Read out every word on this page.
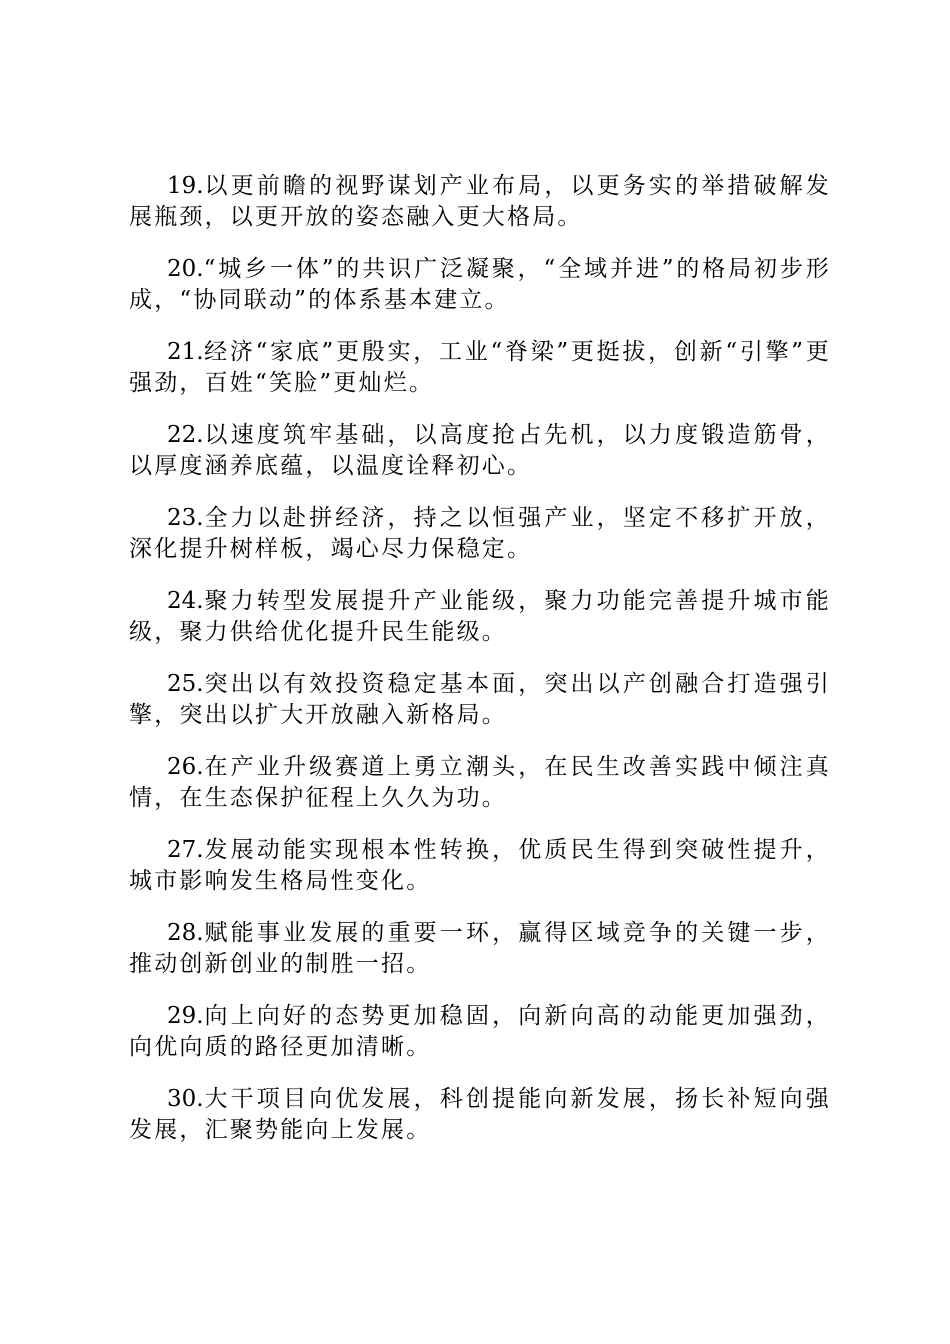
19.以更前瞻的视野谋划产业布局，以更务实的举措破解发展瓶颈，以更开放的姿态融入更大格局。

20.“城乡一体”的共识广泛凝聚，“全域并进”的格局初步形成，“协同联动”的体系基本建立。

21.经济“家底”更殷实，工业“脊梁”更挺拔，创新“引擎”更强劲，百姓“笑脸”更灿烂。

22.以速度筑牢基础，以高度抢占先机，以力度锻造筋骨，以厚度涵养底蕴，以温度诠释初心。

23.全力以赴拼经济，持之以恒强产业，坚定不移扩开放，深化提升树样板，竭心尽力保稳定。

24.聚力转型发展提升产业能级，聚力功能完善提升城市能级，聚力供给优化提升民生能级。

25.突出以有效投资稳定基本面，突出以产创融合打造强引擎，突出以扩大开放融入新格局。

26.在产业升级赛道上勇立潮头，在民生改善实践中倾注真情，在生态保护征程上久久为功。

27.发展动能实现根本性转换，优质民生得到突破性提升，城市影响发生格局性变化。

28.赋能事业发展的重要一环，赢得区域竞争的关键一步，推动创新创业的制胜一招。

29.向上向好的态势更加稳固，向新向高的动能更加强劲，向优向质的路径更加清晰。

30.大干项目向优发展，科创提能向新发展，扬长补短向强发展，汇聚势能向上发展。
